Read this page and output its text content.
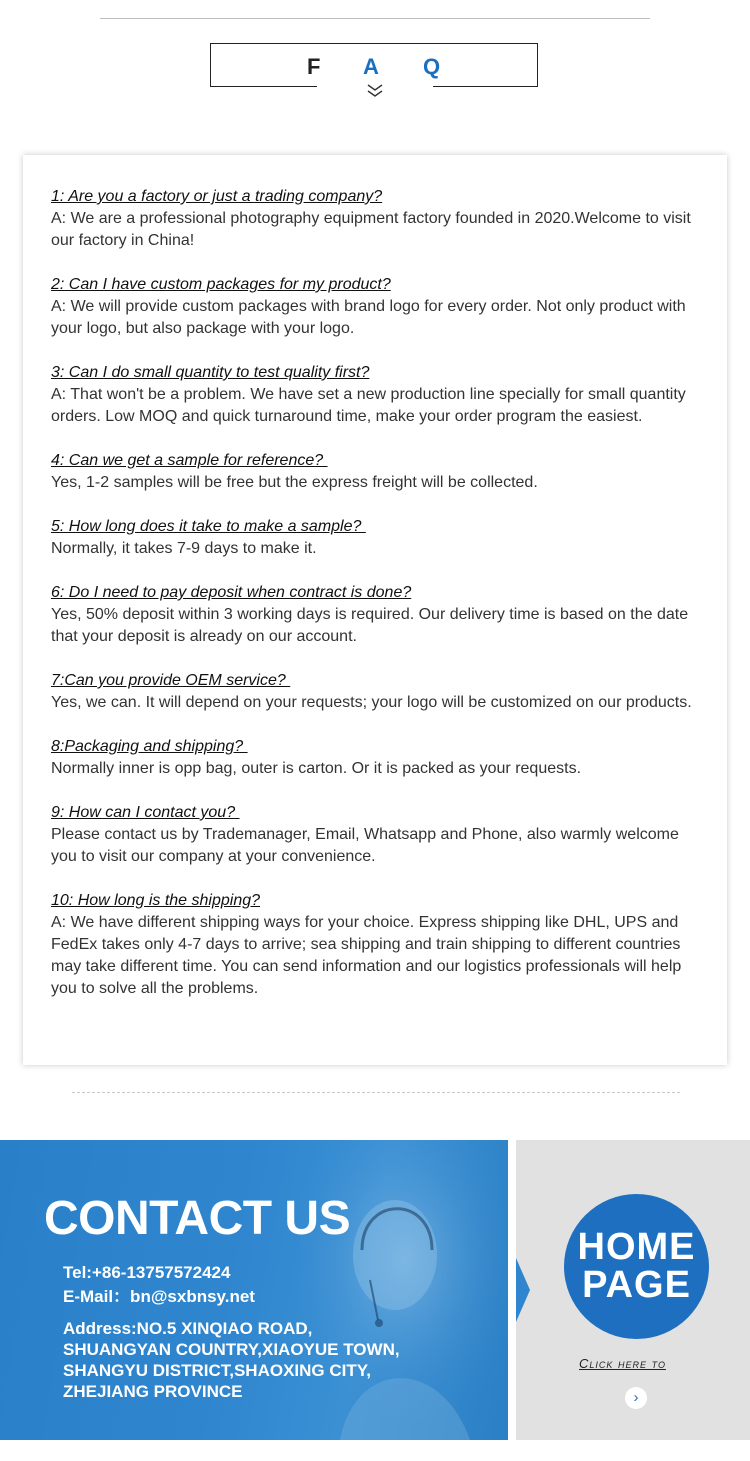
F A Q
1: Are you a factory or just a trading company?
A: We are a professional photography equipment factory founded in 2020.Welcome to visit our factory in China!
2: Can I have custom packages for my product?
A: We will provide custom packages with brand logo for every order. Not only product with your logo, but also package with your logo.
3: Can I do small quantity to test quality first?
A: That won't be a problem. We have set a new production line specially for small quantity orders. Low MOQ and quick turnaround time, make your order program the easiest.
4: Can we get a sample for reference?
Yes, 1-2 samples will be free but the express freight will be collected.
5: How long does it take to make a sample?
Normally, it takes 7-9 days to make it.
6: Do I need to pay deposit when contract is done?
Yes, 50% deposit within 3 working days is required. Our delivery time is based on the date that your deposit is already on our account.
7:Can you provide OEM service?
Yes, we can. It will depend on your requests; your logo will be customized on our products.
8:Packaging and shipping?
Normally inner is opp bag, outer is carton. Or it is packed as your requests.
9: How can I contact you?
Please contact us by Trademanager, Email, Whatsapp and Phone, also warmly welcome you to visit our company at your convenience.
10: How long is the shipping?
A: We have different shipping ways for your choice. Express shipping like DHL, UPS and FedEx takes only 4-7 days to arrive; sea shipping and train shipping to different countries may take different time. You can send information and our logistics professionals will help you to solve all the problems.
CONTACT US
Tel:+86-13757572424
E-Mail：bn@sxbnsy.net
Address:NO.5 XINQIAO ROAD,
SHUANGYAN COUNTRY,XIAOYUE TOWN,
SHANGYU DISTRICT,SHAOXING CITY,
ZHEJIANG PROVINCE
HOME
PAGE
Click here to
›
